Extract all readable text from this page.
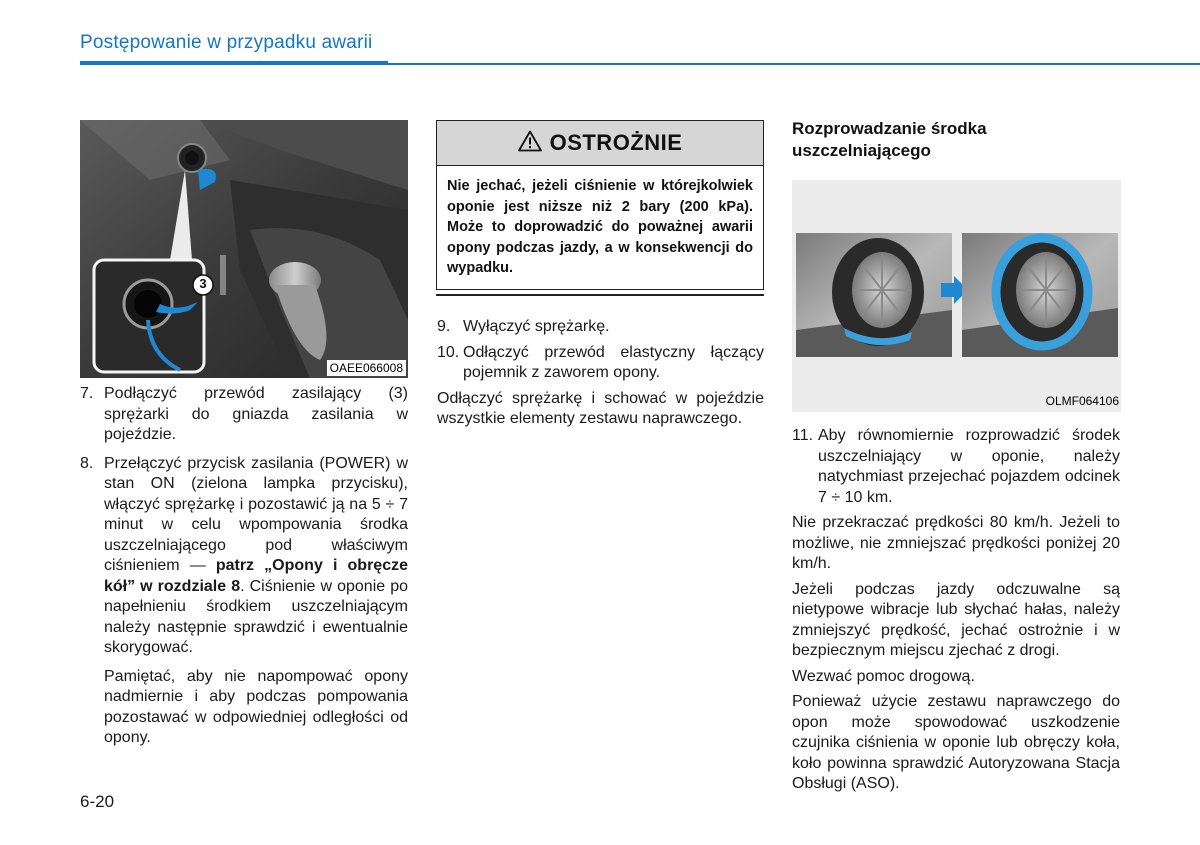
Postępowanie w przypadku awarii
3
OAEE066008
7. Podłączyć przewód zasilający (3) sprężarki do gniazda zasilania w pojeździe.
8. Przełączyć przycisk zasilania (POWER) w stan ON (zielona lampka przycisku), włączyć sprężarkę i pozostawić ją na 5 ÷ 7 minut w celu wpompowania środka uszczelniającego pod właściwym ciśnieniem — patrz „Opony i obręcze kół” w rozdziale 8. Ciśnienie w oponie po napełnieniu środkiem uszczelniającym należy następnie sprawdzić i ewentualnie skorygować.

Pamiętać, aby nie napompować opony nadmiernie i aby podczas pompowania pozostawać w odpowiedniej odległości od opony.

OSTROŻNIE
Nie jechać, jeżeli ciśnienie w którejkolwiek oponie jest niższe niż 2 bary (200 kPa). Może to doprowadzić do poważnej awarii opony podczas jazdy, a w konsekwencji do wypadku.
9. Wyłączyć sprężarkę.
10. Odłączyć przewód elastyczny łączący pojemnik z zaworem opony.

Odłączyć sprężarkę i schować w pojeździe wszystkie elementy zestawu naprawczego.

Rozprowadzanie środka uszczelniającego
OLMF064106
11. Aby równomiernie rozprowadzić środek uszczelniający w oponie, należy natychmiast przejechać pojazdem odcinek 7 ÷ 10 km.

Nie przekraczać prędkości 80 km/h. Jeżeli to możliwe, nie zmniejszać prędkości poniżej 20 km/h.

Jeżeli podczas jazdy odczuwalne są nietypowe wibracje lub słychać hałas, należy zmniejszyć prędkość, jechać ostrożnie i w bezpiecznym miejscu zjechać z drogi.

Wezwać pomoc drogową.

Ponieważ użycie zestawu naprawczego do opon może spowodować uszkodzenie czujnika ciśnienia w oponie lub obręczy koła, koło powinna sprawdzić Autoryzowana Stacja Obsługi (ASO).

6-20
